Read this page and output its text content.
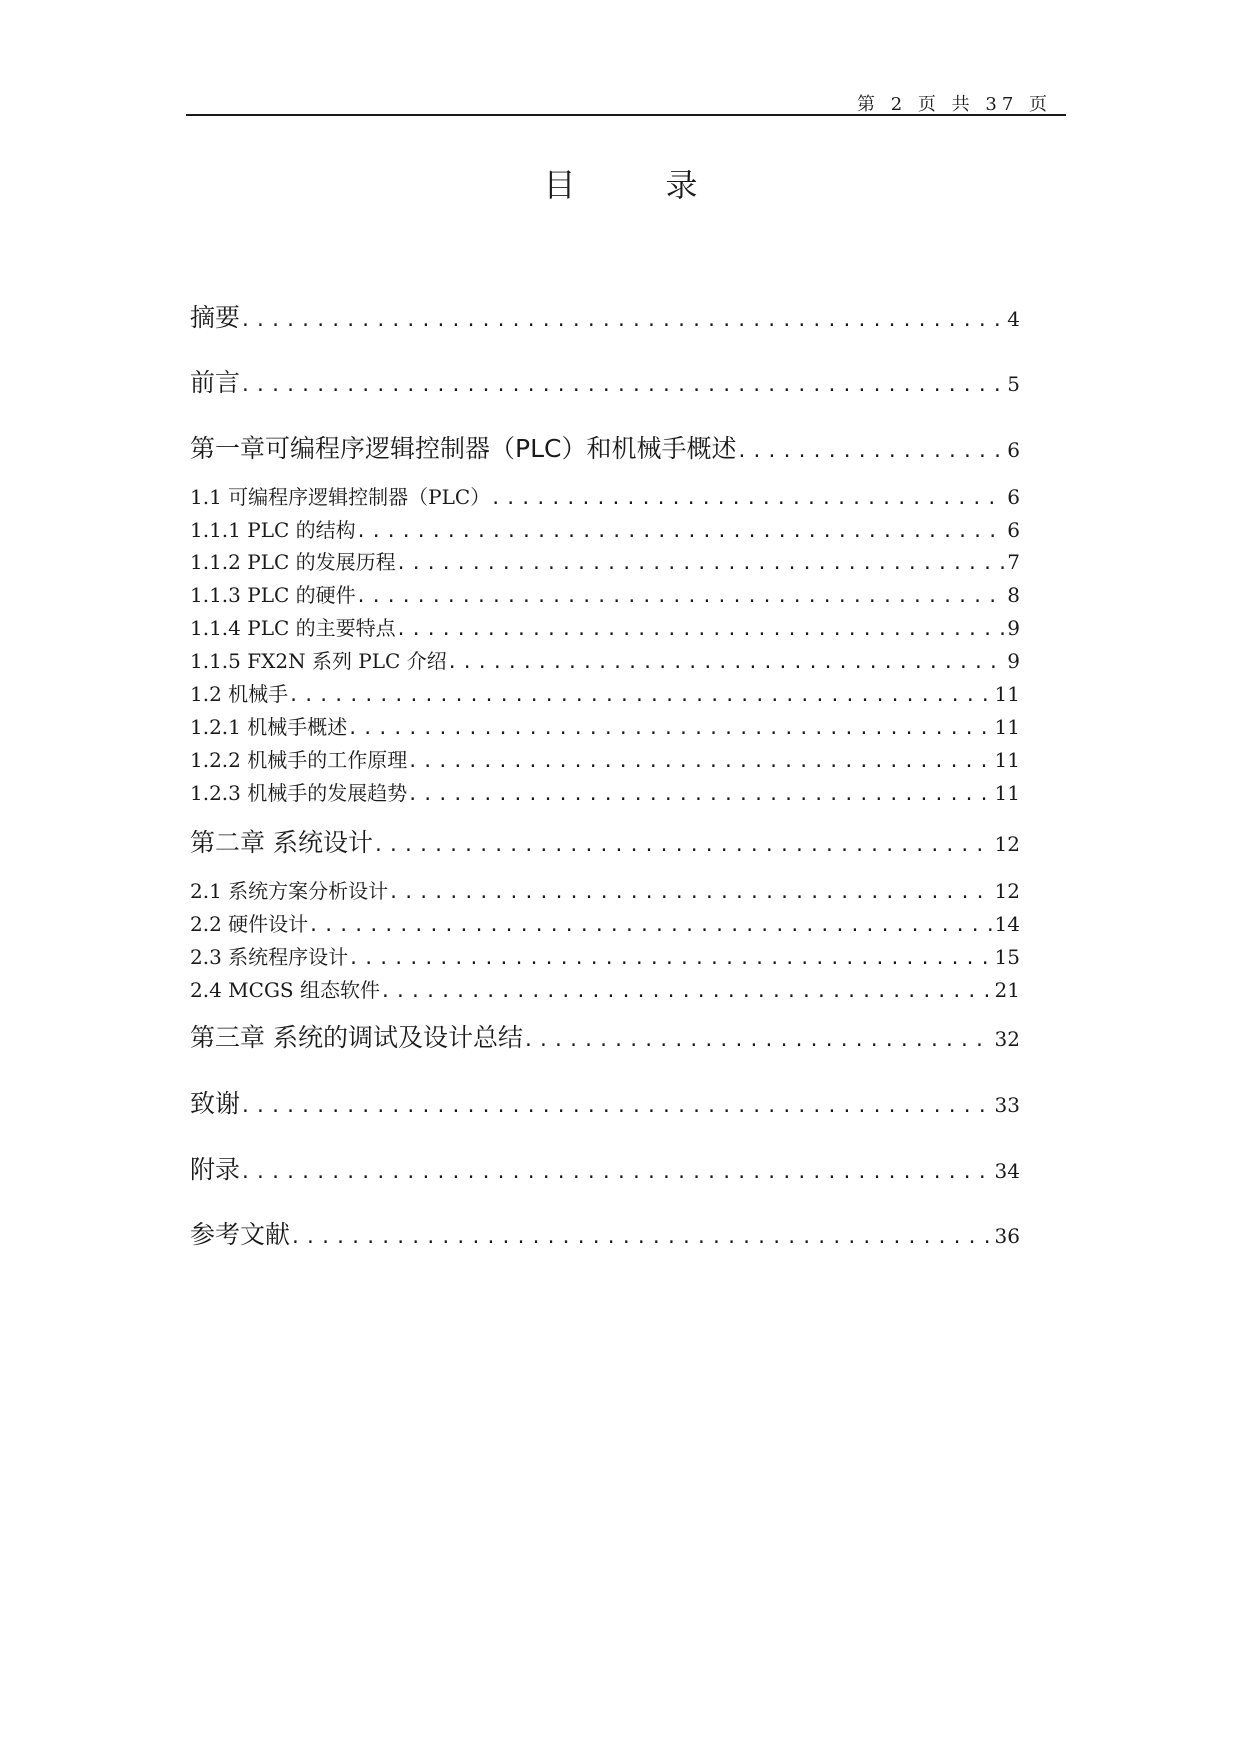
第 2 页 共 37 页
目	录
摘要 .....	4
前言 .....	5
第一章可编程序逻辑控制器（PLC）和机械手概述 .....	6
1.1 可编程序逻辑控制器（PLC） .....	6
1.1.1 PLC 的结构 .....	6
1.1.2 PLC 的发展历程 .....	7
1.1.3 PLC 的硬件 .....	8
1.1.4 PLC 的主要特点 .....	9
1.1.5 FX2N 系列 PLC 介绍 .....	9
1.2 机械手 .....	11
1.2.1 机械手概述 .....	11
1.2.2 机械手的工作原理 .....	11
1.2.3 机械手的发展趋势 .....	11
第二章 系统设计 .....	12
2.1 系统方案分析设计 .....	12
2.2 硬件设计 .....	14
2.3 系统程序设计 .....	15
2.4 MCGS 组态软件 .....	21
第三章 系统的调试及设计总结 .....	32
致谢 .....	33
附录 .....	34
参考文献 .....	36
